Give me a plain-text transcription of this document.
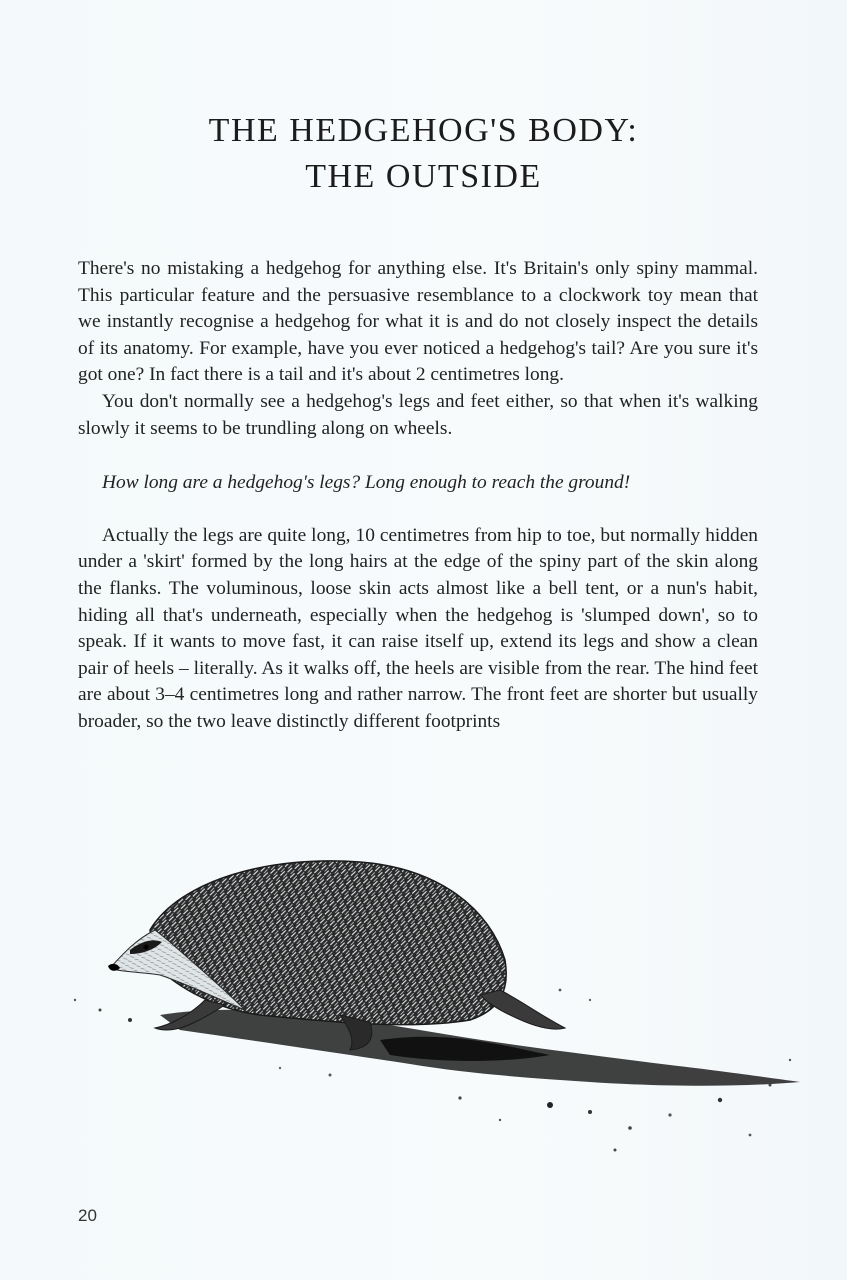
THE HEDGEHOG'S BODY:
THE OUTSIDE

There's no mistaking a hedgehog for anything else. It's Britain's only spiny mammal. This particular feature and the persuasive resemblance to a clockwork toy mean that we instantly recognise a hedgehog for what it is and do not closely inspect the details of its anatomy. For example, have you ever noticed a hedgehog's tail? Are you sure it's got one? In fact there is a tail and it's about 2 centimetres long.

You don't normally see a hedgehog's legs and feet either, so that when it's walking slowly it seems to be trundling along on wheels.

How long are a hedgehog's legs? Long enough to reach the ground!

Actually the legs are quite long, 10 centimetres from hip to toe, but normally hidden under a 'skirt' formed by the long hairs at the edge of the spiny part of the skin along the flanks. The voluminous, loose skin acts almost like a bell tent, or a nun's habit, hiding all that's underneath, especially when the hedgehog is 'slumped down', so to speak. If it wants to move fast, it can raise itself up, extend its legs and show a clean pair of heels – literally. As it walks off, the heels are visible from the rear. The hind feet are about 3–4 centimetres long and rather narrow. The front feet are shorter but usually broader, so the two leave distinctly different footprints

20
